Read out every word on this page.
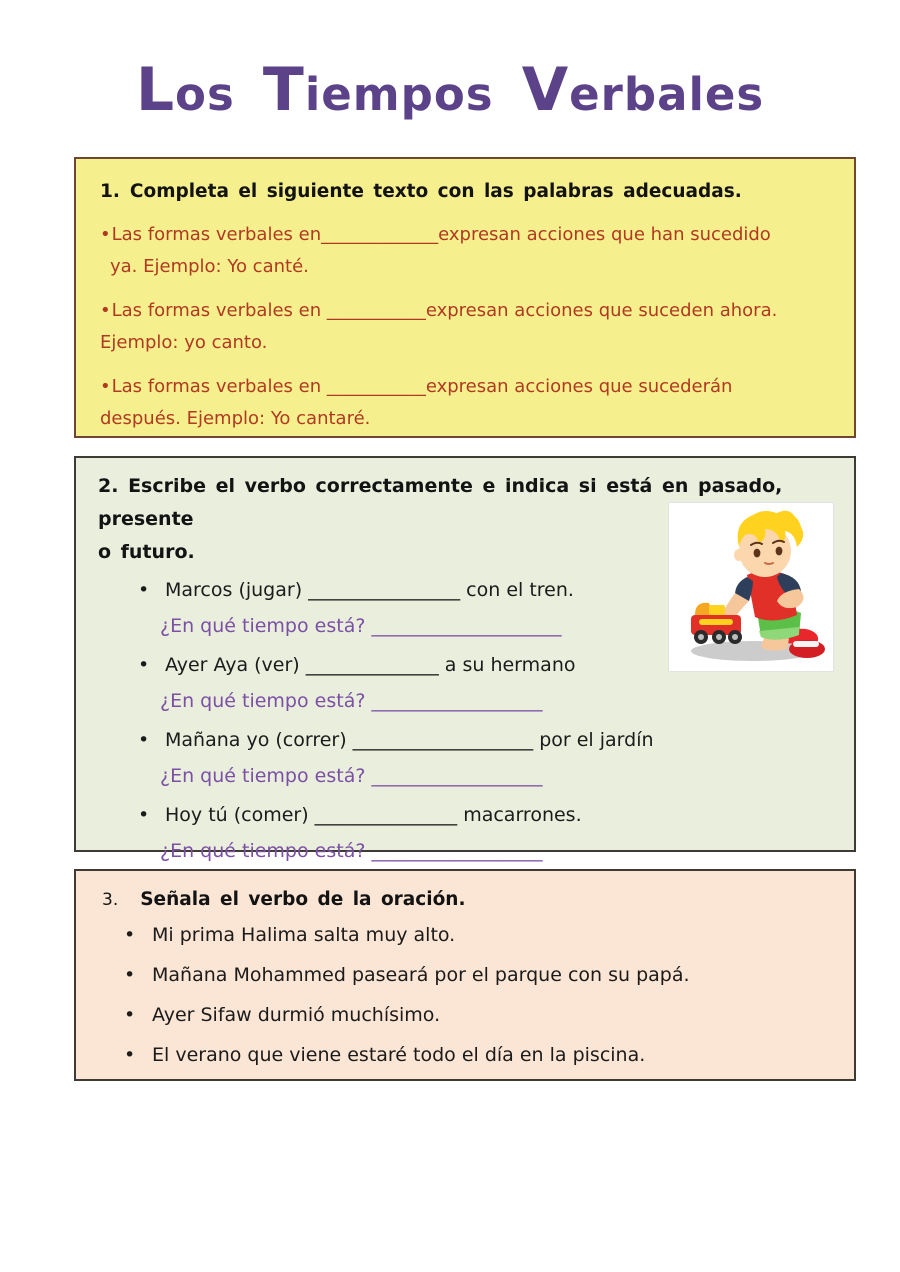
Los Tiempos Verbales
1. Completa el siguiente texto con las palabras adecuadas.

•Las formas verbales en_____________expresan acciones que han sucedido
ya. Ejemplo: Yo canté.

•Las formas verbales en ___________expresan acciones que suceden ahora.
Ejemplo: yo canto.

•Las formas verbales en ___________expresan acciones que sucederán
después. Ejemplo: Yo cantaré.

2. Escribe el verbo correctamente e indica si está en pasado, presente
o futuro.
• Marcos (jugar) ________________ con el tren.
¿En qué tiempo está? ____________________
• Ayer Aya (ver) ______________ a su hermano
¿En qué tiempo está? __________________
• Mañana yo (correr) ___________________ por el jardín
¿En qué tiempo está? __________________
• Hoy tú (comer) _______________ macarrones.
¿En qué tiempo está? __________________
3. Señala el verbo de la oración.
• Mi prima Halima salta muy alto.
• Mañana Mohammed paseará por el parque con su papá.
• Ayer Sifaw durmió muchísimo.
• El verano que viene estaré todo el día en la piscina.
